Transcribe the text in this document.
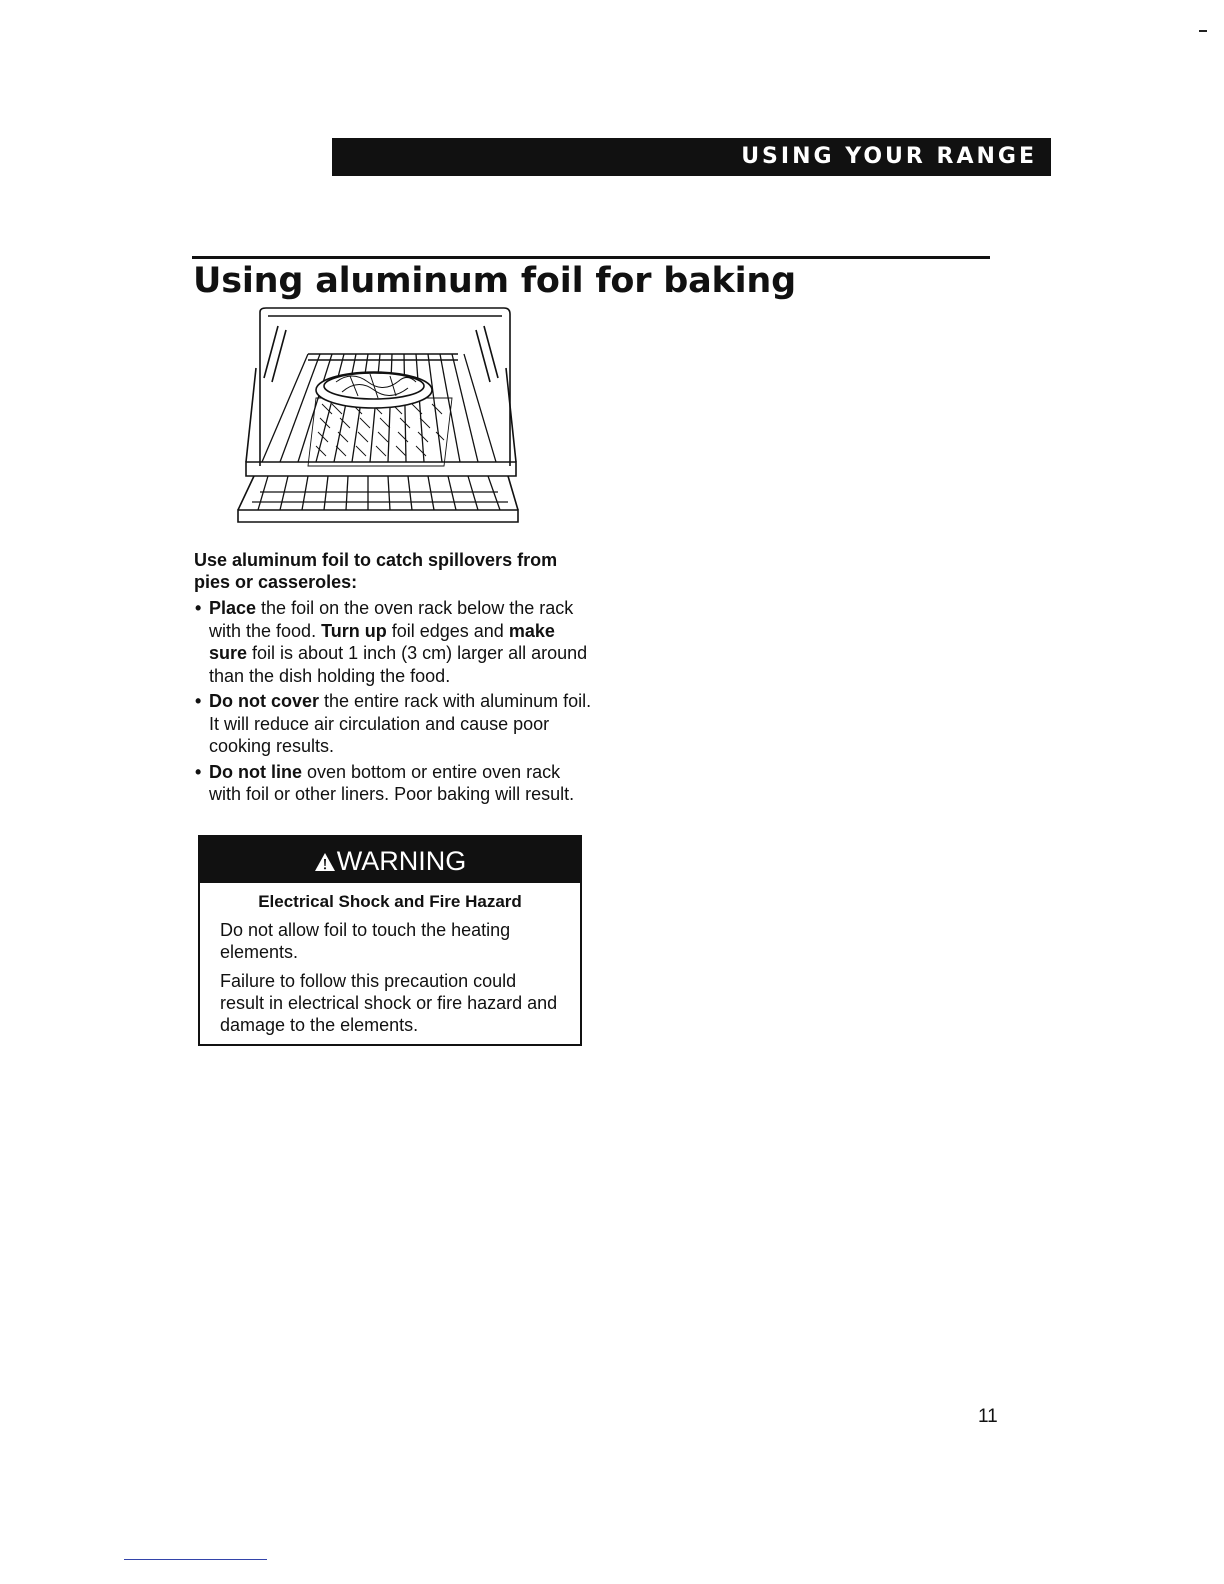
USING YOUR RANGE
Using aluminum foil for baking
Use aluminum foil to catch spillovers from pies or casseroles:
• Place the foil on the oven rack below the rack with the food. Turn up foil edges and make sure foil is about 1 inch (3 cm) larger all around than the dish holding the food.
• Do not cover the entire rack with aluminum foil. It will reduce air circulation and cause poor cooking results.
• Do not line oven bottom or entire oven rack with foil or other liners. Poor baking will result.
WARNING
Electrical Shock and Fire Hazard

Do not allow foil to touch the heating elements.

Failure to follow this precaution could result in electrical shock or fire hazard and damage to the elements.

11
